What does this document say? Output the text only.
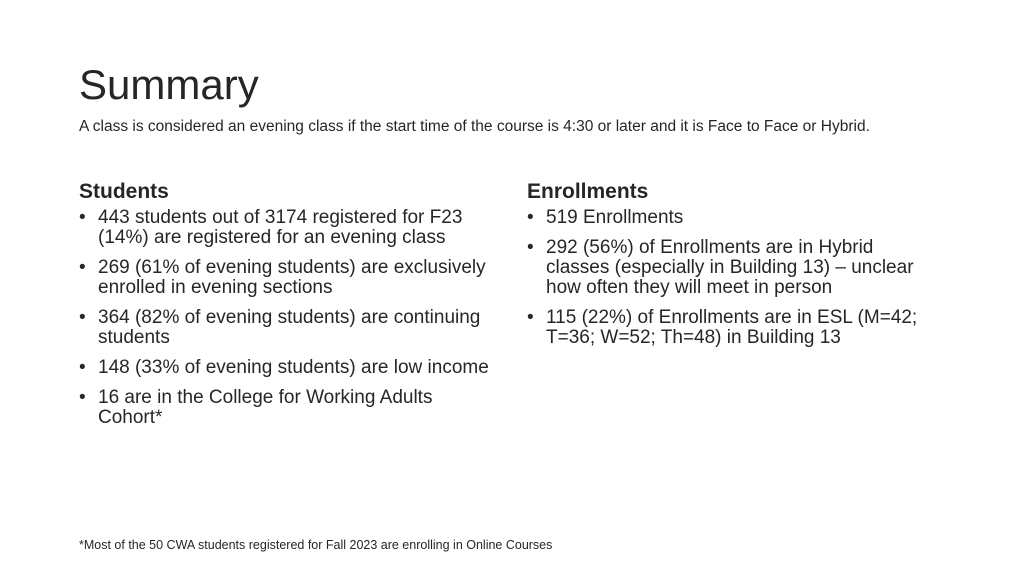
Summary
A class is considered an evening class if the start time of the course is 4:30 or later and it is Face to Face or Hybrid.
Students
• 443 students out of 3174 registered for F23 (14%) are registered for an evening class
• 269 (61% of evening students) are exclusively enrolled in evening sections
• 364 (82% of evening students) are continuing students
• 148 (33% of evening students) are low income
• 16 are in the College for Working Adults Cohort*
Enrollments
• 519 Enrollments
• 292 (56%) of Enrollments are in Hybrid classes (especially in Building 13) – unclear how often they will meet in person
• 115 (22%) of Enrollments are in ESL (M=42; T=36; W=52; Th=48) in Building 13
*Most of the 50 CWA students registered for Fall 2023 are enrolling in Online Courses
